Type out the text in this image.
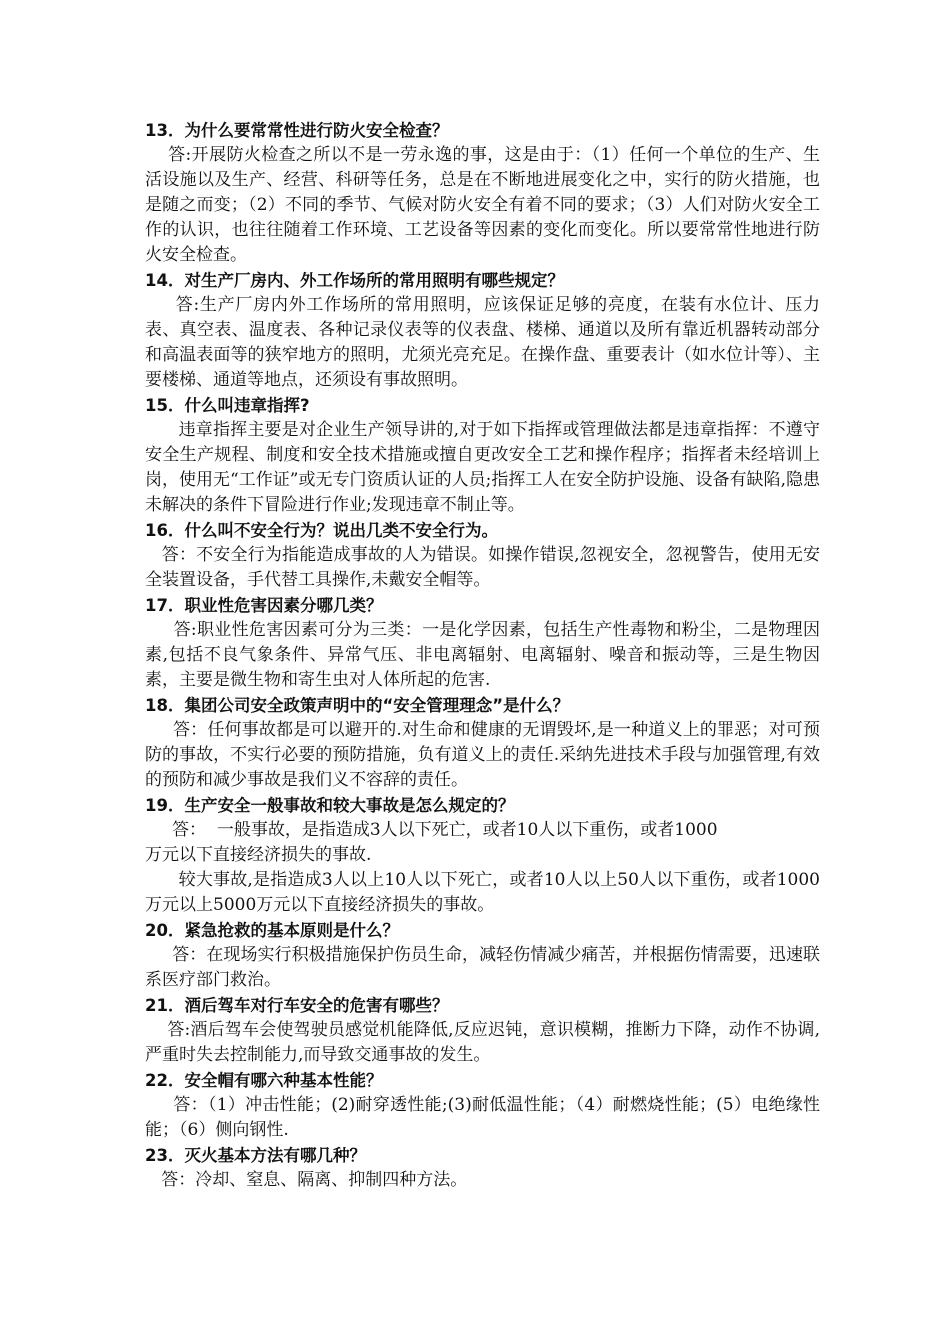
13．为什么要常常性进行防火安全检查？

答:开展防火检查之所以不是一劳永逸的事，这是由于：（1）任何一个单位的生产、生活设施以及生产、经营、科研等任务，总是在不断地进展变化之中，实行的防火措施，也是随之而变；（2）不同的季节、气候对防火安全有着不同的要求；（3）人们对防火安全工作的认识，也往往随着工作环境、工艺设备等因素的变化而变化。所以要常常性地进行防火安全检查。

14．对生产厂房内、外工作场所的常用照明有哪些规定？

答:生产厂房内外工作场所的常用照明，应该保证足够的亮度，在装有水位计、压力表、真空表、温度表、各种记录仪表等的仪表盘、楼梯、通道以及所有靠近机器转动部分和高温表面等的狭窄地方的照明，尤须光亮充足。在操作盘、重要表计（如水位计等）、主要楼梯、通道等地点，还须设有事故照明。

15．什么叫违章指挥?

违章指挥主要是对企业生产领导讲的,对于如下指挥或管理做法都是违章指挥：不遵守安全生产规程、制度和安全技术措施或擅自更改安全工艺和操作程序；指挥者未经培训上岗，使用无“工作证”或无专门资质认证的人员;指挥工人在安全防护设施、设备有缺陷,隐患未解决的条件下冒险进行作业;发现违章不制止等。

16．什么叫不安全行为？说出几类不安全行为。

答：不安全行为指能造成事故的人为错误。如操作错误,忽视安全，忽视警告，使用无安全装置设备，手代替工具操作,未戴安全帽等。

17．职业性危害因素分哪几类？

答:职业性危害因素可分为三类：一是化学因素，包括生产性毒物和粉尘，二是物理因素,包括不良气象条件、异常气压、非电离辐射、电离辐射、噪音和振动等，三是生物因素，主要是微生物和寄生虫对人体所起的危害.

18．集团公司安全政策声明中的“安全管理理念”是什么？

答：任何事故都是可以避开的.对生命和健康的无谓毁坏,是一种道义上的罪恶；对可预防的事故，不实行必要的预防措施，负有道义上的责任.采纳先进技术手段与加强管理,有效的预防和减少事故是我们义不容辞的责任。

19．生产安全一般事故和较大事故是怎么规定的？

答：  一般事故，是指造成3人以下死亡，或者10人以下重伤，或者1000
万元以下直接经济损失的事故.

较大事故,是指造成3人以上10人以下死亡，或者10人以上50人以下重伤，或者1000万元以上5000万元以下直接经济损失的事故。

20．紧急抢救的基本原则是什么？

答：在现场实行积极措施保护伤员生命，减轻伤情减少痛苦，并根据伤情需要，迅速联系医疗部门救治。

21．酒后驾车对行车安全的危害有哪些？

答:酒后驾车会使驾驶员感觉机能降低,反应迟钝，意识模糊，推断力下降，动作不协调,严重时失去控制能力,而导致交通事故的发生。

22．安全帽有哪六种基本性能？

答：（1）冲击性能；(2)耐穿透性能;(3)耐低温性能；（4）耐燃烧性能；(5）电绝缘性能；（6）侧向钢性.

23．灭火基本方法有哪几种？

答：冷却、窒息、隔离、抑制四种方法。
